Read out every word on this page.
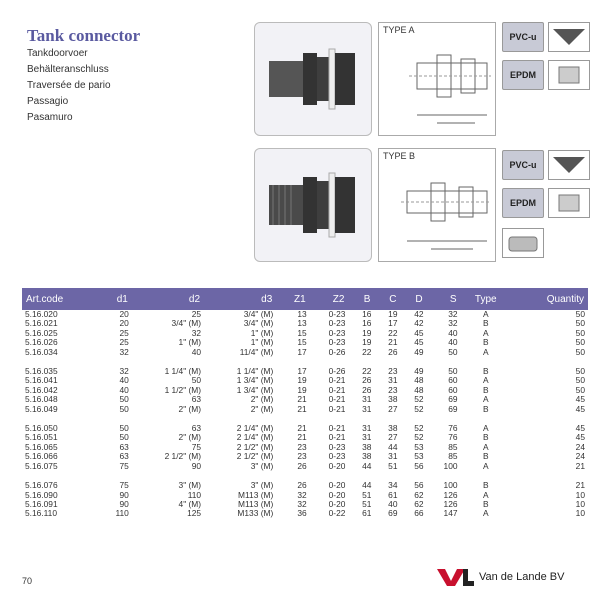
Tank connector
Tankdoorvoer
Behälteranschluss
Traversée de pario
Passagio
Pasamuro
TYPE A
PVC-u
EPDM
TYPE B
PVC-u
EPDM
Art.code	d1	d2	d3	Z1	Z2	B	C	D	S	Type	Quantity
5.16.020	20	25	3/4" (M)	13	0-23	16	19	42	32	A	50
5.16.021	20	3/4" (M)	3/4" (M)	13	0-23	16	17	42	32	B	50
5.16.025	25	32	1" (M)	15	0-23	19	22	45	40	A	50
5.16.026	25	1" (M)	1" (M)	15	0-23	19	21	45	40	B	50
5.16.034	32	40	11/4" (M)	17	0-26	22	26	49	50	A	50

5.16.035	32	1 1/4" (M)	1 1/4" (M)	17	0-26	22	23	49	50	B	50
5.16.041	40	50	1 3/4" (M)	19	0-21	26	31	48	60	A	50
5.16.042	40	1 1/2" (M)	1 3/4" (M)	19	0-21	26	23	48	60	B	50
5.16.048	50	63	2" (M)	21	0-21	31	38	52	69	A	45
5.16.049	50	2" (M)	2" (M)	21	0-21	31	27	52	69	B	45

5.16.050	50	63	2 1/4" (M)	21	0-21	31	38	52	76	A	45
5.16.051	50	2" (M)	2 1/4" (M)	21	0-21	31	27	52	76	B	45
5.16.065	63	75	2 1/2" (M)	23	0-23	38	44	53	85	A	24
5.16.066	63	2 1/2" (M)	2 1/2" (M)	23	0-23	38	31	53	85	B	24
5.16.075	75	90	3" (M)	26	0-20	44	51	56	100	A	21

5.16.076	75	3" (M)	3" (M)	26	0-20	44	34	56	100	B	21
5.16.090	90	110	M113 (M)	32	0-20	51	61	62	126	A	10
5.16.091	90	4" (M)	M113 (M)	32	0-20	51	40	62	126	B	10
5.16.110	110	125	M133 (M)	36	0-22	61	69	66	147	A	10
70	Van de Lande BV
